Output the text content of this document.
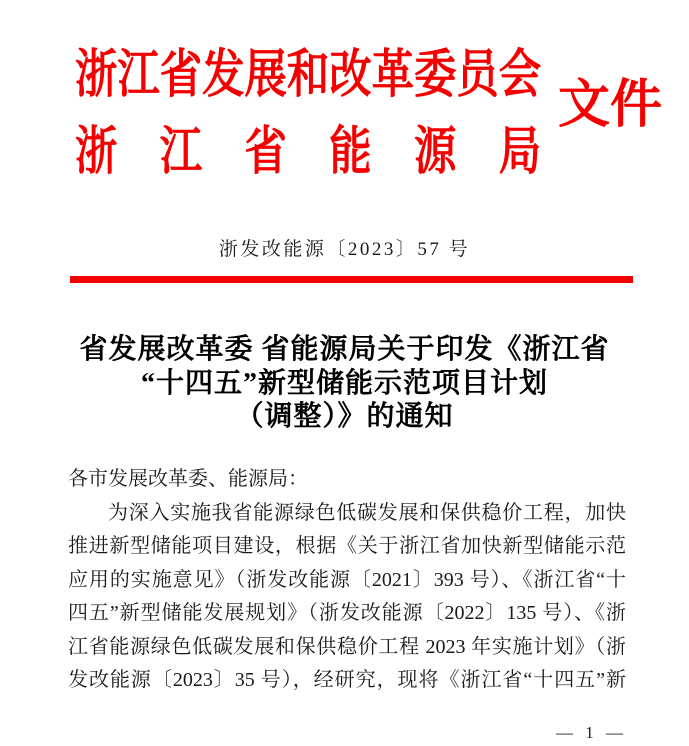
浙江省发展和改革委员会
浙 江 省 能 源 局
文件
浙发改能源〔2023〕57 号
省发展改革委 省能源局关于印发《浙江省
“十四五”新型储能示范项目计划
（调整）》的通知
各市发展改革委、能源局：
为深入实施我省能源绿色低碳发展和保供稳价工程，加快
推进新型储能项目建设，根据《关于浙江省加快新型储能示范
应用的实施意见》（浙发改能源〔2021〕393 号）、《浙江省“十
四五”新型储能发展规划》（浙发改能源〔2022〕135 号）、《浙
江省能源绿色低碳发展和保供稳价工程 2023 年实施计划》（浙
发改能源〔2023〕35 号），经研究，现将《浙江省“十四五”新
— 1 —
